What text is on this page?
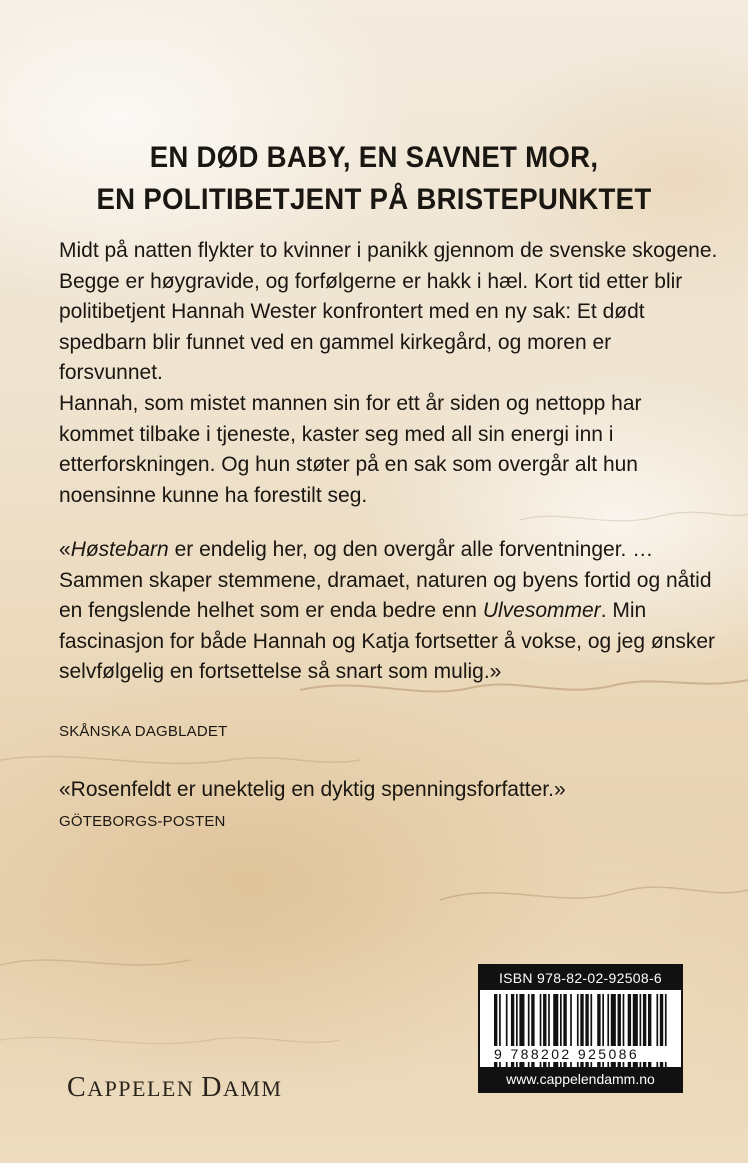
EN DØD BABY, EN SAVNET MOR,
EN POLITIBETJENT PÅ BRISTEPUNKTET

Midt på natten flykter to kvinner i panikk gjennom de svenske skogene. Begge er høygravide, og forfølgerne er hakk i hæl. Kort tid etter blir politibetjent Hannah Wester konfrontert med en ny sak: Et dødt spedbarn blir funnet ved en gammel kirkegård, og moren er forsvunnet.
Hannah, som mistet mannen sin for ett år siden og nettopp har kommet tilbake i tjeneste, kaster seg med all sin energi inn i etterforskningen. Og hun støter på en sak som overgår alt hun noensinne kunne ha forestilt seg.

«Høstebarn er endelig her, og den overgår alle forventninger. … Sammen skaper stemmene, dramaet, naturen og byens fortid og nåtid en fengslende helhet som er enda bedre enn Ulvesommer. Min fascinasjon for både Hannah og Katja fortsetter å vokse, og jeg ønsker selvfølgelig en fortsettelse så snart som mulig.»

SKÅNSKA DAGBLADET

«Rosenfeldt er unektelig en dyktig spenningsforfatter.»

GÖTEBORGS-POSTEN
CAPPELEN DAMM
ISBN 978-82-02-92508-6
9 788202 925086
www.cappelendamm.no
